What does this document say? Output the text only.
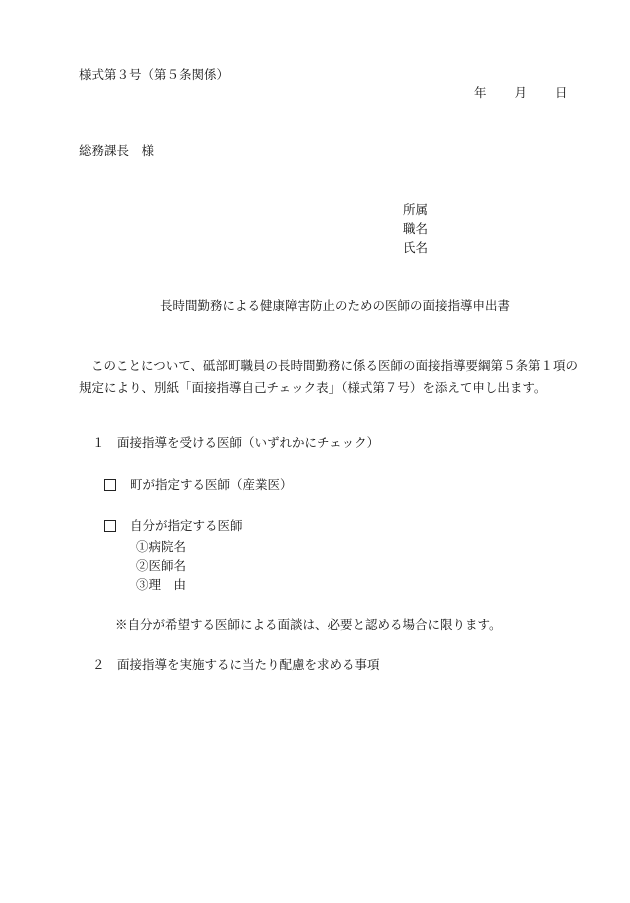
様式第３号（第５条関係）
年 月 日
総務課長　様
所属
職名
氏名
長時間勤務による健康障害防止のための医師の面接指導申出書
このことについて、砥部町職員の長時間勤務に係る医師の面接指導要綱第５条第１項の規定により、別紙「面接指導自己チェック表」（様式第７号）を添えて申し出ます。
１　面接指導を受ける医師（いずれかにチェック）
町が指定する医師（産業医）
自分が指定する医師
①病院名
②医師名
③理　由
※自分が希望する医師による面談は、必要と認める場合に限ります。
２　面接指導を実施するに当たり配慮を求める事項
